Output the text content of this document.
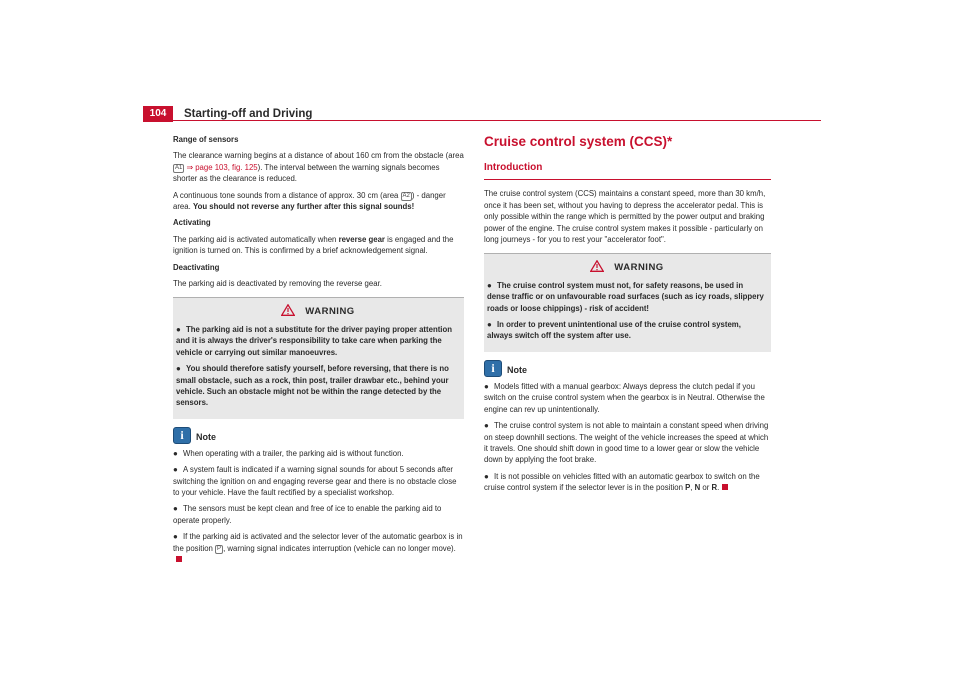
104	Starting-off and Driving

Range of sensors

The clearance warning begins at a distance of about 160 cm from the obstacle (area A1 ⇒ page 103, fig. 125). The interval between the warning signals becomes shorter as the clearance is reduced.

A continuous tone sounds from a distance of approx. 30 cm (area A2 ) - danger area. You should not reverse any further after this signal sounds!

Activating

The parking aid is activated automatically when reverse gear is engaged and the ignition is turned on. This is confirmed by a brief acknowledgement signal.

Deactivating

The parking aid is deactivated by removing the reverse gear.

WARNING

● The parking aid is not a substitute for the driver paying proper attention and it is always the driver's responsibility to take care when parking the vehicle or carrying out similar manoeuvres.

● You should therefore satisfy yourself, before reversing, that there is no small obstacle, such as a rock, thin post, trailer drawbar etc., behind your vehicle. Such an obstacle might not be within the range detected by the sensors.

i	Note

● When operating with a trailer, the parking aid is without function.

● A system fault is indicated if a warning signal sounds for about 5 seconds after switching the ignition on and engaging reverse gear and there is no obstacle close to your vehicle. Have the fault rectified by a specialist workshop.

● The sensors must be kept clean and free of ice to enable the parking aid to operate properly.

● If the parking aid is activated and the selector lever of the automatic gearbox is in the position P , warning signal indicates interruption (vehicle can no longer move).

Cruise control system (CCS)*
Introduction

The cruise control system (CCS) maintains a constant speed, more than 30 km/h, once it has been set, without you having to depress the accelerator pedal. This is only possible within the range which is permitted by the power output and braking power of the engine. The cruise control system makes it possible - particularly on long journeys - for you to rest your "accelerator foot".

WARNING

● The cruise control system must not, for safety reasons, be used in dense traffic or on unfavourable road surfaces (such as icy roads, slippery roads or loose chippings) - risk of accident!

● In order to prevent unintentional use of the cruise control system, always switch off the system after use.

i	Note

● Models fitted with a manual gearbox: Always depress the clutch pedal if you switch on the cruise control system when the gearbox is in Neutral. Otherwise the engine can rev up unintentionally.

● The cruise control system is not able to maintain a constant speed when driving on steep downhill sections. The weight of the vehicle increases the speed at which it travels. One should shift down in good time to a lower gear or slow the vehicle down by applying the foot brake.

● It is not possible on vehicles fitted with an automatic gearbox to switch on the cruise control system if the selector lever is in the position P, N or R.
